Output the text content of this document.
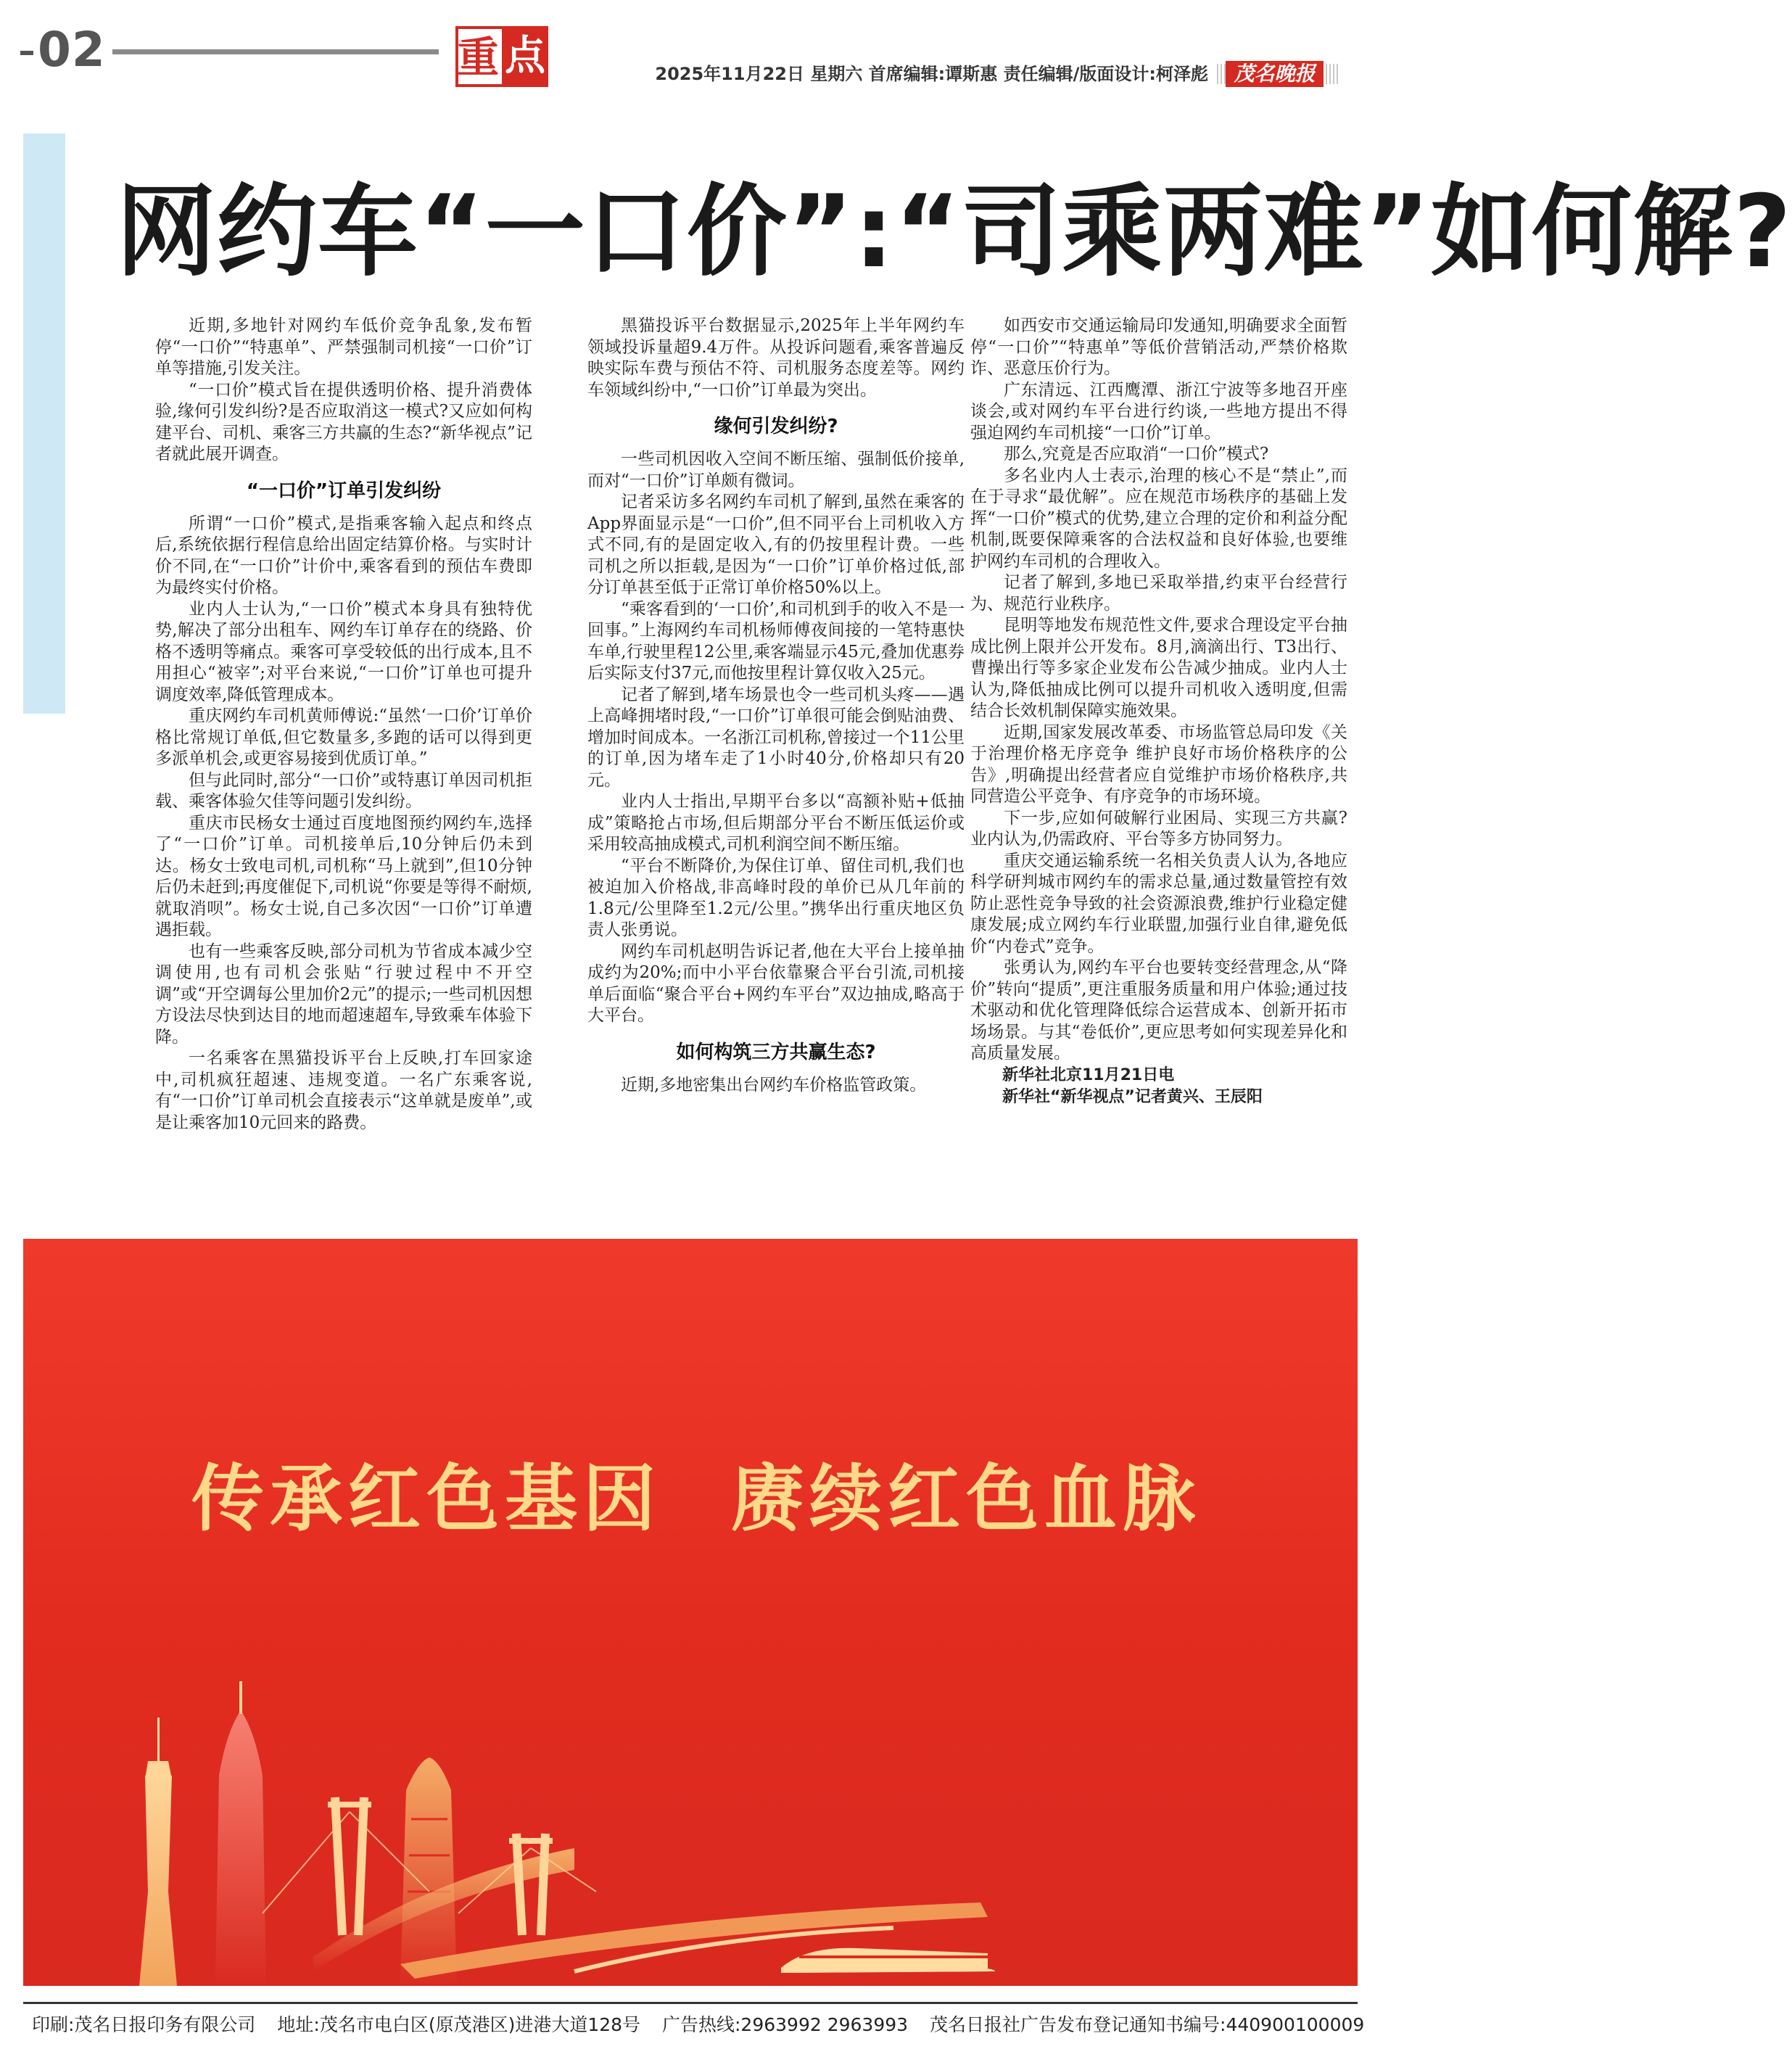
02	重 点	2025年11月22日 星期六 首席编辑:谭斯惠 责任编辑/版面设计:柯泽彪	茂名晚报
网约车“一口价”:“司乘两难”如何解?

近期,多地针对网约车低价竞争乱象,发布暂停“一口价”“特惠单”、严禁强制司机接“一口价”订单等措施,引发关注。

“一口价”模式旨在提供透明价格、提升消费体验,缘何引发纠纷?是否应取消这一模式?又应如何构建平台、司机、乘客三方共赢的生态?“新华视点”记者就此展开调查。

“一口价”订单引发纠纷

所谓“一口价”模式,是指乘客输入起点和终点后,系统依据行程信息给出固定结算价格。与实时计价不同,在“一口价”计价中,乘客看到的预估车费即为最终实付价格。

业内人士认为,“一口价”模式本身具有独特优势,解决了部分出租车、网约车订单存在的绕路、价格不透明等痛点。乘客可享受较低的出行成本,且不用担心“被宰”;对平台来说,“一口价”订单也可提升调度效率,降低管理成本。

重庆网约车司机黄师傅说:“虽然‘一口价’订单价格比常规订单低,但它数量多,多跑的话可以得到更多派单机会,或更容易接到优质订单。”

但与此同时,部分“一口价”或特惠订单因司机拒载、乘客体验欠佳等问题引发纠纷。

重庆市民杨女士通过百度地图预约网约车,选择了“一口价”订单。司机接单后,10分钟后仍未到达。杨女士致电司机,司机称“马上就到”,但10分钟后仍未赶到;再度催促下,司机说“你要是等得不耐烦,就取消呗”。杨女士说,自己多次因“一口价”订单遭遇拒载。

也有一些乘客反映,部分司机为节省成本减少空调使用,也有司机会张贴“行驶过程中不开空调”或“开空调每公里加价2元”的提示;一些司机因想方设法尽快到达目的地而超速超车,导致乘车体验下降。

一名乘客在黑猫投诉平台上反映,打车回家途中,司机疯狂超速、违规变道。一名广东乘客说,有“一口价”订单司机会直接表示“这单就是废单”,或是让乘客加10元回来的路费。

黑猫投诉平台数据显示,2025年上半年网约车领域投诉量超9.4万件。从投诉问题看,乘客普遍反映实际车费与预估不符、司机服务态度差等。网约车领域纠纷中,“一口价”订单最为突出。

缘何引发纠纷?

一些司机因收入空间不断压缩、强制低价接单,而对“一口价”订单颇有微词。

记者采访多名网约车司机了解到,虽然在乘客的App界面显示是“一口价”,但不同平台上司机收入方式不同,有的是固定收入,有的仍按里程计费。一些司机之所以拒载,是因为“一口价”订单价格过低,部分订单甚至低于正常订单价格50%以上。

“乘客看到的‘一口价’,和司机到手的收入不是一回事。”上海网约车司机杨师傅夜间接的一笔特惠快车单,行驶里程12公里,乘客端显示45元,叠加优惠券后实际支付37元,而他按里程计算仅收入25元。

记者了解到,堵车场景也令一些司机头疼——遇上高峰拥堵时段,“一口价”订单很可能会倒贴油费、增加时间成本。一名浙江司机称,曾接过一个11公里的订单,因为堵车走了1小时40分,价格却只有20元。

业内人士指出,早期平台多以“高额补贴+低抽成”策略抢占市场,但后期部分平台不断压低运价或采用较高抽成模式,司机利润空间不断压缩。

“平台不断降价,为保住订单、留住司机,我们也被迫加入价格战,非高峰时段的单价已从几年前的1.8元/公里降至1.2元/公里。”携华出行重庆地区负责人张勇说。

网约车司机赵明告诉记者,他在大平台上接单抽成约为20%;而中小平台依靠聚合平台引流,司机接单后面临“聚合平台+网约车平台”双边抽成,略高于大平台。

如何构筑三方共赢生态?

近期,多地密集出台网约车价格监管政策。

如西安市交通运输局印发通知,明确要求全面暂停“一口价”“特惠单”等低价营销活动,严禁价格欺诈、恶意压价行为。

广东清远、江西鹰潭、浙江宁波等多地召开座谈会,或对网约车平台进行约谈,一些地方提出不得强迫网约车司机接“一口价”订单。

那么,究竟是否应取消“一口价”模式?

多名业内人士表示,治理的核心不是“禁止”,而在于寻求“最优解”。应在规范市场秩序的基础上发挥“一口价”模式的优势,建立合理的定价和利益分配机制,既要保障乘客的合法权益和良好体验,也要维护网约车司机的合理收入。

记者了解到,多地已采取举措,约束平台经营行为、规范行业秩序。

昆明等地发布规范性文件,要求合理设定平台抽成比例上限并公开发布。8月,滴滴出行、T3出行、曹操出行等多家企业发布公告减少抽成。业内人士认为,降低抽成比例可以提升司机收入透明度,但需结合长效机制保障实施效果。

近期,国家发展改革委、市场监管总局印发《关于治理价格无序竞争 维护良好市场价格秩序的公告》,明确提出经营者应自觉维护市场价格秩序,共同营造公平竞争、有序竞争的市场环境。

下一步,应如何破解行业困局、实现三方共赢?业内认为,仍需政府、平台等多方协同努力。

重庆交通运输系统一名相关负责人认为,各地应科学研判城市网约车的需求总量,通过数量管控有效防止恶性竞争导致的社会资源浪费,维护行业稳定健康发展;成立网约车行业联盟,加强行业自律,避免低价“内卷式”竞争。

张勇认为,网约车平台也要转变经营理念,从“降价”转向“提质”,更注重服务质量和用户体验;通过技术驱动和优化管理降低综合运营成本、创新开拓市场场景。与其“卷低价”,更应思考如何实现差异化和高质量发展。

新华社北京11月21日电

新华社“新华视点”记者黄兴、王辰阳

传承红色基因 赓续红色血脉
印刷:茂名日报印务有限公司 地址:茂名市电白区(原茂港区)进港大道128号 广告热线:2963992 2963993 茂名日报社广告发布登记通知书编号:440900100009
